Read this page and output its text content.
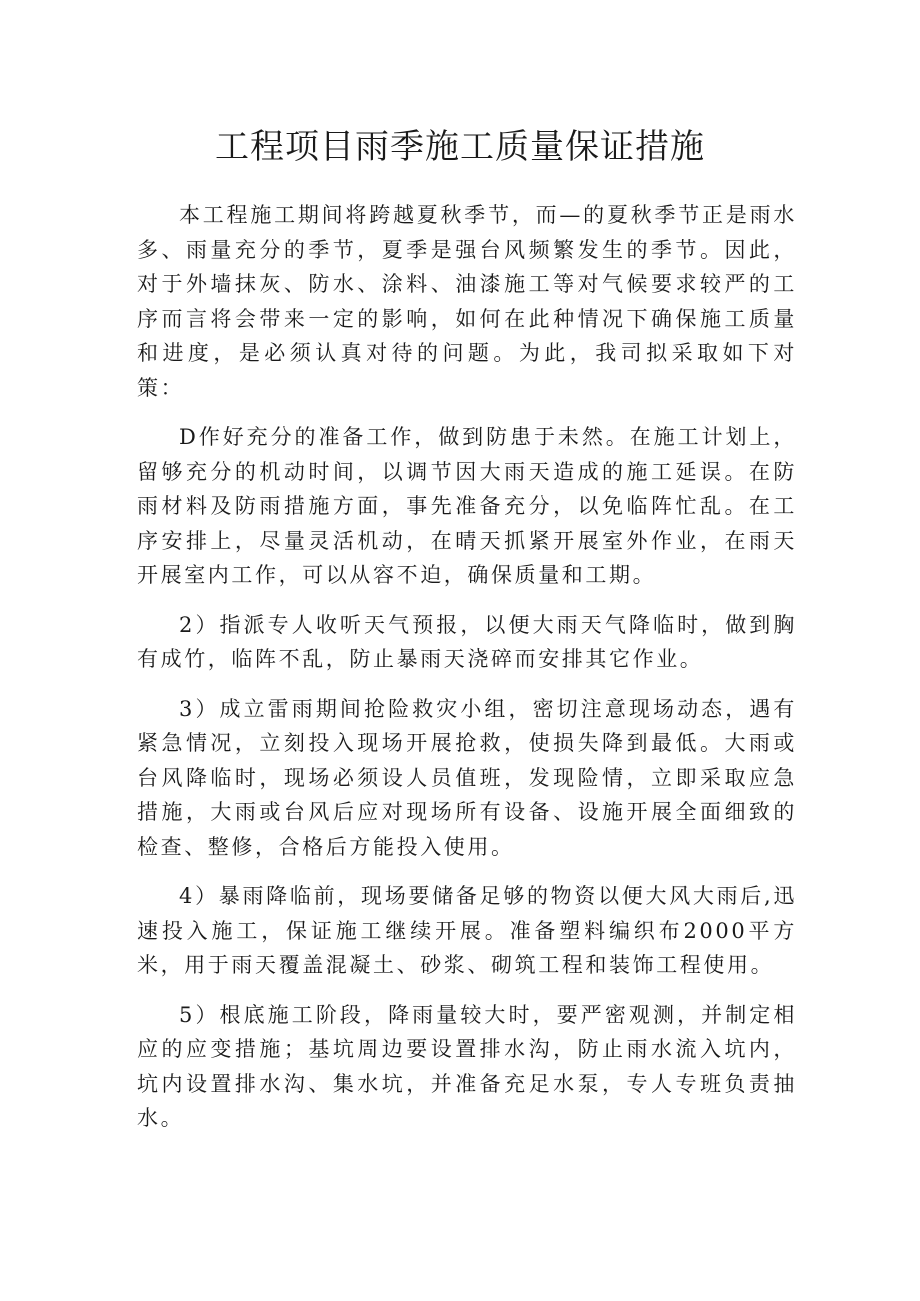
工程项目雨季施工质量保证措施

本工程施工期间将跨越夏秋季节，而—的夏秋季节正是雨水多、雨量充分的季节，夏季是强台风频繁发生的季节。因此，对于外墙抹灰、防水、涂料、油漆施工等对气候要求较严的工序而言将会带来一定的影响，如何在此种情况下确保施工质量和进度，是必须认真对待的问题。为此，我司拟采取如下对策：

D作好充分的准备工作，做到防患于未然。在施工计划上，留够充分的机动时间，以调节因大雨天造成的施工延误。在防雨材料及防雨措施方面，事先准备充分，以免临阵忙乱。在工序安排上，尽量灵活机动，在晴天抓紧开展室外作业，在雨天开展室内工作，可以从容不迫，确保质量和工期。

2）指派专人收听天气预报，以便大雨天气降临时，做到胸有成竹，临阵不乱，防止暴雨天浇碎而安排其它作业。

3）成立雷雨期间抢险救灾小组，密切注意现场动态，遇有紧急情况，立刻投入现场开展抢救，使损失降到最低。大雨或台风降临时，现场必须设人员值班，发现险情，立即采取应急措施，大雨或台风后应对现场所有设备、设施开展全面细致的检查、整修，合格后方能投入使用。

4）暴雨降临前，现场要储备足够的物资以便大风大雨后,迅速投入施工，保证施工继续开展。准备塑料编织布2000平方米，用于雨天覆盖混凝土、砂浆、砌筑工程和装饰工程使用。

5）根底施工阶段，降雨量较大时，要严密观测，并制定相应的应变措施；基坑周边要设置排水沟，防止雨水流入坑内，坑内设置排水沟、集水坑，并准备充足水泵，专人专班负责抽水。
